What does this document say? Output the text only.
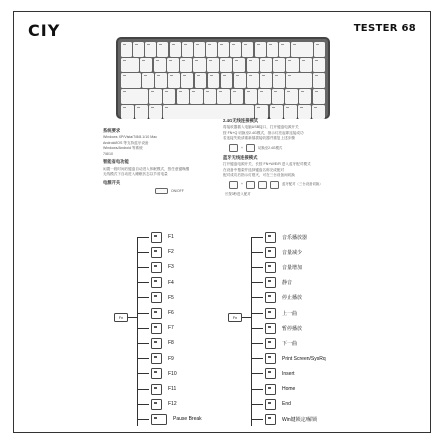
CIY	TESTER 68
系统要求
Windows XP/Vista/7/8/8.1/10 Mac
Android/iOS 等支持蓝牙设备
Windows/Android 等系统
7/8/10
智能省电功能
闲置一段时间后键盘自动进入休眠模式，按任意键唤醒
无线模式下自动进入睡眠状态以节省电量
电源开关
ON/OFF
2.4G无线连接模式
将接收器插入电脑USB接口，打开键盘电源开关
按 FN+Q 切换至2.4G模式，指示灯亮起即连接成功
若连接失败请重新插拔接收器并重复上述步骤
+	切换至2.4G模式
蓝牙无线连接模式
打开键盘电源开关，长按 FN+W/E/R 进入蓝牙配对模式
在设备中搜索并选择键盘名称完成配对
配对成功后指示灯熄灭，可在三台设备间切换
+	蓝牙配对（三台设备切换）
长按3秒进入配对
Fn
F1
F2
F3
F4
F5
F6
F7
F8
F9
F10
F11
F12
Pause Break
Fn
音乐播放器
音量减少
音量增加
静音
停止播放
上一曲
暂停播放
下一曲
Print Screen/SysRq
Insert
Home
End
Win键锁定/解锁
